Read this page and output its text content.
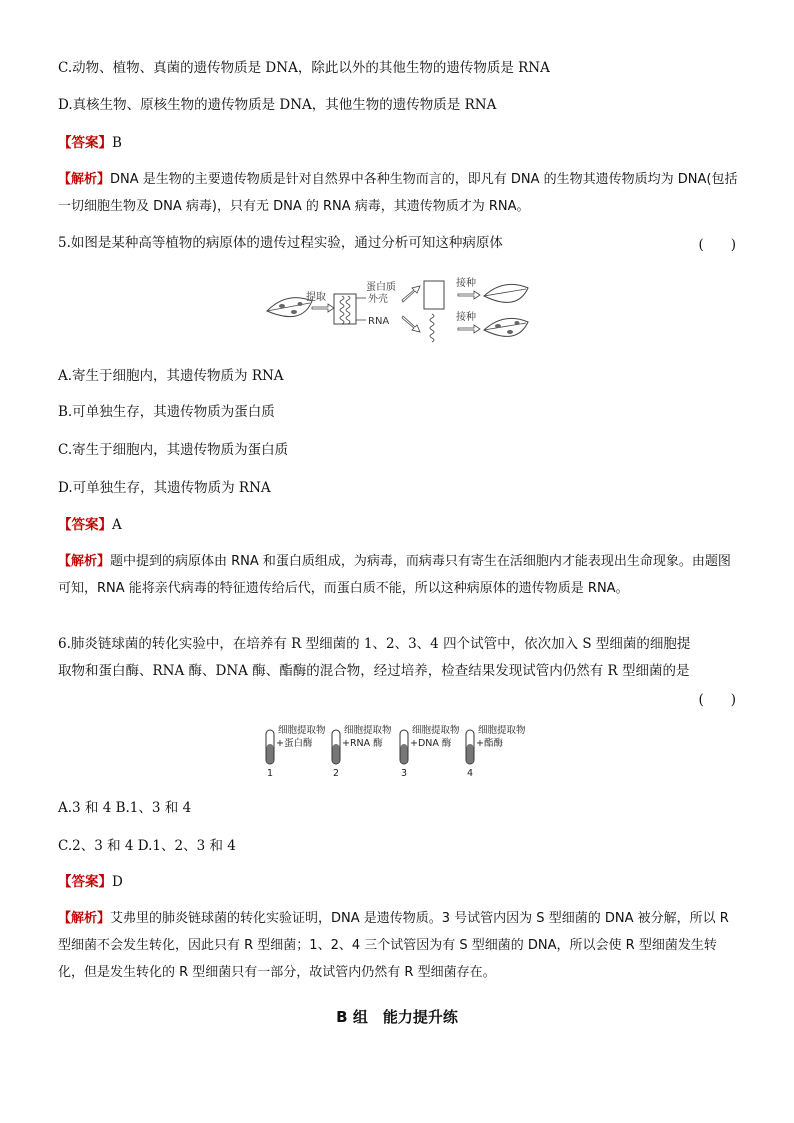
C.动物、植物、真菌的遗传物质是 DNA，除此以外的其他生物的遗传物质是 RNA
D.真核生物、原核生物的遗传物质是 DNA，其他生物的遗传物质是 RNA
【答案】B
【解析】DNA 是生物的主要遗传物质是针对自然界中各种生物而言的，即凡有 DNA 的生物其遗传物质均为 DNA(包括一切细胞生物及 DNA 病毒)，只有无 DNA 的 RNA 病毒，其遗传物质才为 RNA。
5.如图是某种高等植物的病原体的遗传过程实验，通过分析可知这种病原体	(　　)
提取
蛋白质
外壳
RNA
接种
接种
A.寄生于细胞内，其遗传物质为 RNA
B.可单独生存，其遗传物质为蛋白质
C.寄生于细胞内，其遗传物质为蛋白质
D.可单独生存，其遗传物质为 RNA
【答案】A
【解析】题中提到的病原体由 RNA 和蛋白质组成，为病毒，而病毒只有寄生在活细胞内才能表现出生命现象。由题图可知，RNA 能将亲代病毒的特征遗传给后代，而蛋白质不能，所以这种病原体的遗传物质是 RNA。
6.肺炎链球菌的转化实验中，在培养有 R 型细菌的 1、2、3、4 四个试管中，依次加入 S 型细菌的细胞提
取物和蛋白酶、RNA 酶、DNA 酶、酯酶的混合物，经过培养，检查结果发现试管内仍然有 R 型细菌的是
(　　)
细胞提取物
+蛋白酶
1
细胞提取物
+RNA 酶
2
细胞提取物
+DNA 酶
3
细胞提取物
+酯酶
4
A.3 和 4 B.1、3 和 4
C.2、3 和 4 D.1、2、3 和 4
【答案】D
【解析】艾弗里的肺炎链球菌的转化实验证明，DNA 是遗传物质。3 号试管内因为 S 型细菌的 DNA 被分解，所以 R 型细菌不会发生转化，因此只有 R 型细菌；1、2、4 三个试管因为有 S 型细菌的 DNA，所以会使 R 型细菌发生转化，但是发生转化的 R 型细菌只有一部分，故试管内仍然有 R 型细菌存在。
B 组　能力提升练
